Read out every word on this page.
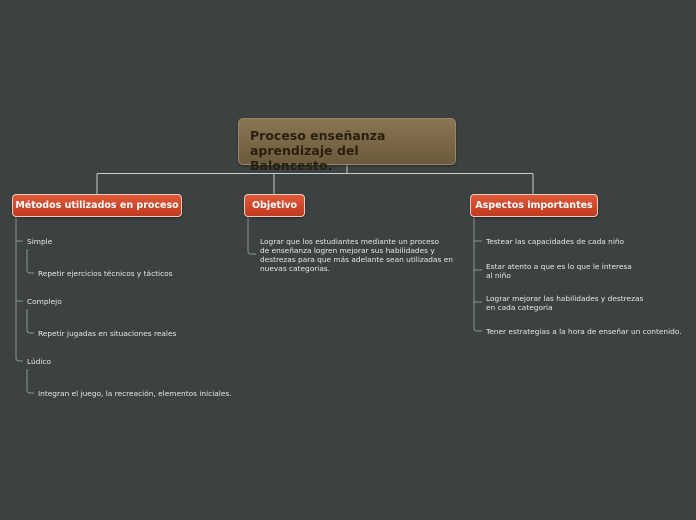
Proceso enseñanza
aprendizaje del Baloncesto.
Métodos utilizados en proceso	Objetivo	Aspectos importantes
Simple
Repetir ejercicios técnicos y tácticos
Complejo
Repetir jugadas en situaciones reales
Lúdico
Integran el juego, la recreación, elementos iniciales.
Lograr que los estudiantes mediante un proceso
de enseñanza logren mejorar sus habilidades y
destrezas para que más adelante sean utilizadas en
nuevas categorias.
Testear las capacidades de cada niño
Estar atento a que es lo que le interesa
al niño
Lograr mejorar las habilidades y destrezas
en cada categoria
Tener estrategias a la hora de enseñar un contenido.
